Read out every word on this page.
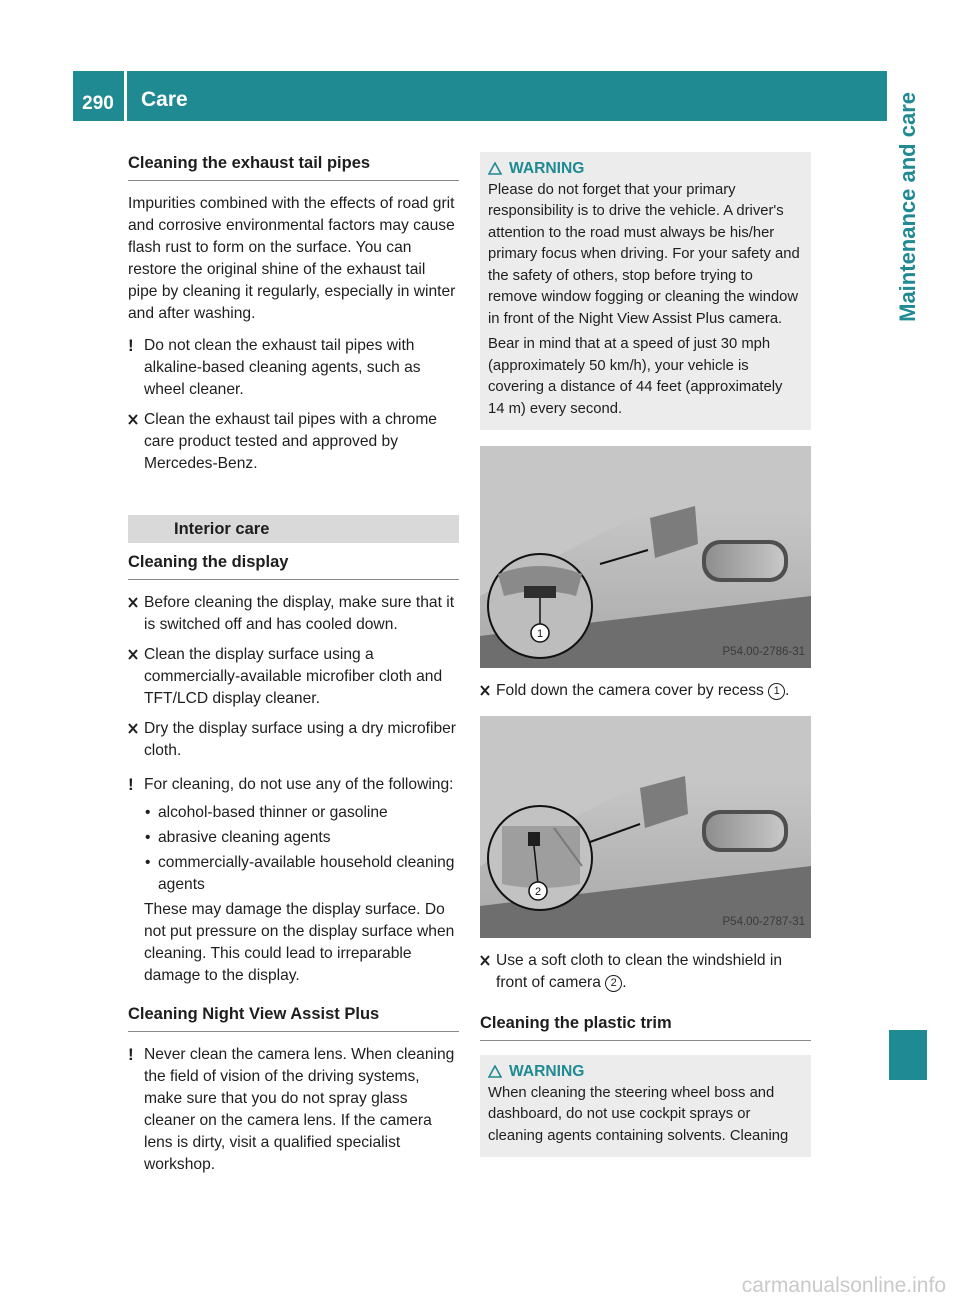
290	Care	Maintenance and care
Cleaning the exhaust tail pipes

Impurities combined with the effects of road grit and corrosive environmental factors may cause flash rust to form on the surface. You can restore the original shine of the exhaust tail pipe by cleaning it regularly, especially in winter and after washing.

! Do not clean the exhaust tail pipes with alkaline-based cleaning agents, such as wheel cleaner.
Clean the exhaust tail pipes with a chrome care product tested and approved by Mercedes-Benz.
Interior care
Cleaning the display
Before cleaning the display, make sure that it is switched off and has cooled down.
Clean the display surface using a commercially-available microfiber cloth and TFT/LCD display cleaner.
Dry the display surface using a dry microfiber cloth.
! For cleaning, do not use any of the following:
• alcohol-based thinner or gasoline
• abrasive cleaning agents
• commercially-available household cleaning agents

These may damage the display surface. Do not put pressure on the display surface when cleaning. This could lead to irreparable damage to the display.

Cleaning Night View Assist Plus
! Never clean the camera lens. When cleaning the field of vision of the driving systems, make sure that you do not spray glass cleaner on the camera lens. If the camera lens is dirty, visit a qualified specialist workshop.
WARNING

Please do not forget that your primary responsibility is to drive the vehicle. A driver's attention to the road must always be his/her primary focus when driving. For your safety and the safety of others, stop before trying to remove window fogging or cleaning the window in front of the Night View Assist Plus camera.

Bear in mind that at a speed of just 30 mph (approximately 50 km/h), your vehicle is covering a distance of 44 feet (approximately 14 m) every second.

1
P54.00-2786-31
Fold down the camera cover by recess 1 .
2
P54.00-2787-31
Use a soft cloth to clean the windshield in front of camera 2 .
Cleaning the plastic trim
WARNING

When cleaning the steering wheel boss and dashboard, do not use cockpit sprays or cleaning agents containing solvents. Cleaning

carmanualsonline.info
